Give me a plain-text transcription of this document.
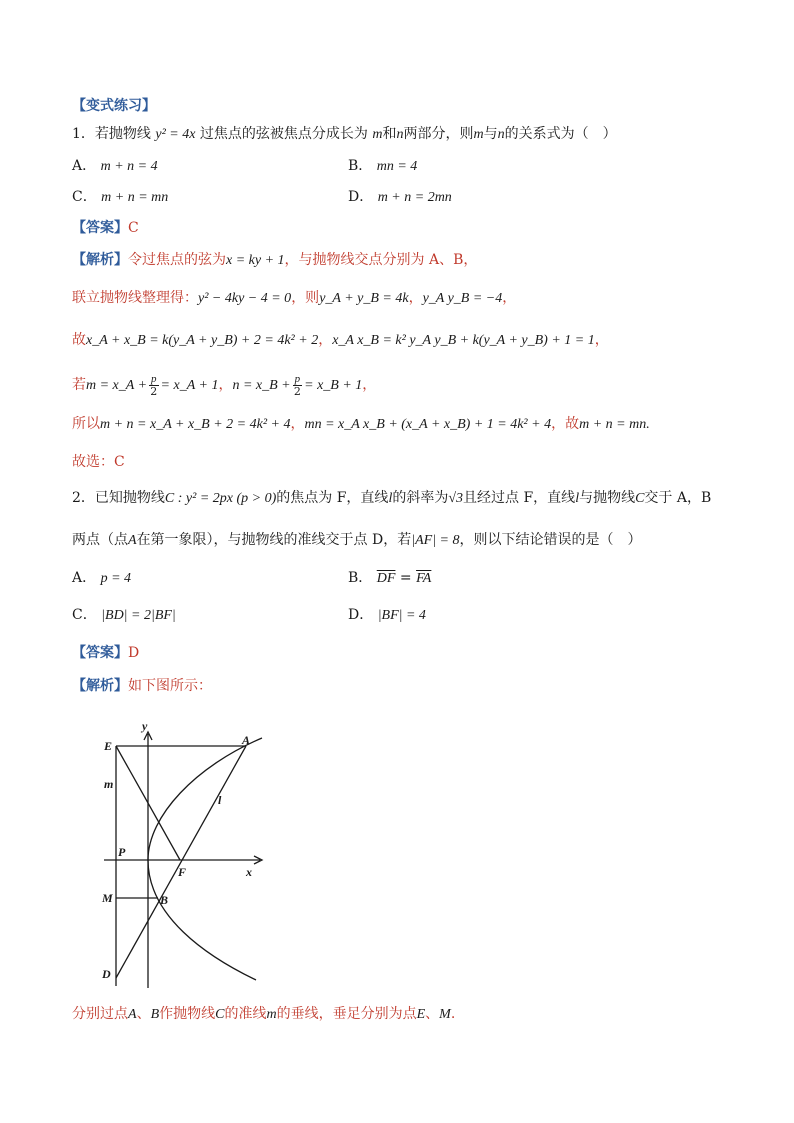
【变式练习】
1．若抛物线 y² = 4x 过焦点的弦被焦点分成长为 m和n两部分，则m与n的关系式为（　）
A． m + n = 4	B． mn = 4
C． m + n = mn	D． m + n = 2mn
【答案】C
【解析】令过焦点的弦为x = ky + 1，与抛物线交点分别为 A、B，
联立抛物线整理得：y² − 4ky − 4 = 0，则y_A + y_B = 4k，y_A y_B = −4，
故x_A + x_B = k(y_A + y_B) + 2 = 4k² + 2，x_A x_B = k² y_A y_B + k(y_A + y_B) + 1 = 1，
若m = x_A + $\frac{p}{2}$ = x_A + 1，n = x_B + $\frac{p}{2}$ = x_B + 1，
所以m + n = x_A + x_B + 2 = 4k² + 4，mn = x_A x_B + (x_A + x_B) + 1 = 4k² + 4，故m + n = mn.
故选：C
2．已知抛物线C : y² = 2px (p > 0)的焦点为 F，直线l的斜率为√3且经过点 F，直线l与抛物线C交于 A，B
两点（点A在第一象限），与抛物线的准线交于点 D，若|AF| = 8，则以下结论错误的是（　）
A． p = 4	B． $\overline{DF} = \overline{FA}$
C． |BD| = 2|BF|	D． |BF| = 4
【答案】D
【解析】如下图所示：
y
E	A
m
l
P
F	x
M	B
D
分别过点A、B作抛物线C的准线m的垂线，垂足分别为点E、M.
